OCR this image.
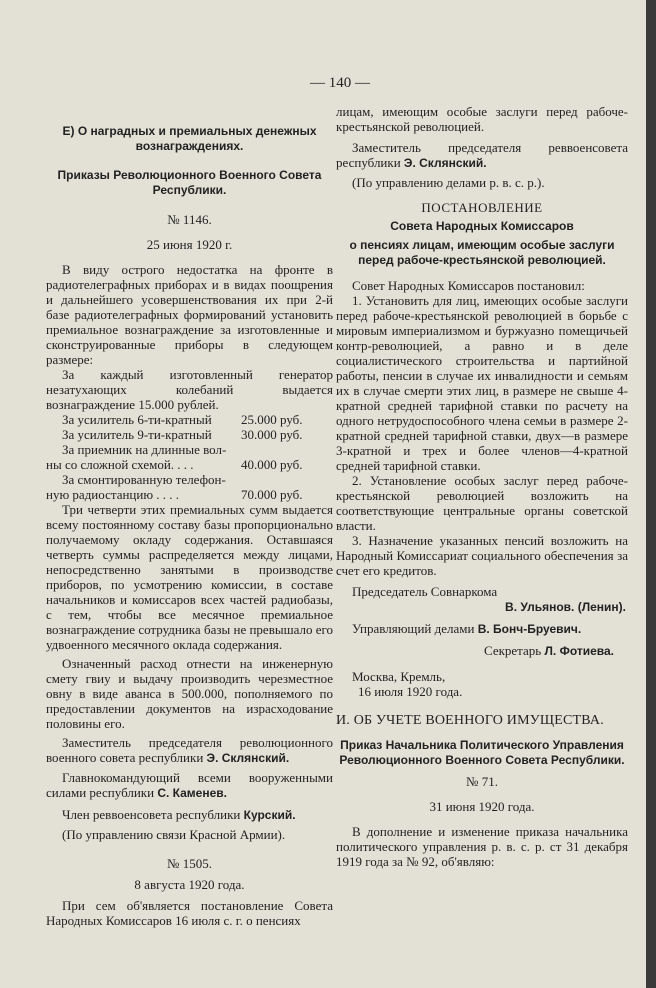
— 140 —

Е) О наградных и премиальных денежных вознаграждениях.

Приказы Революционного Военного Совета Республики.

№ 1146.

25 июня 1920 г.

В виду острого недостатка на фронте в радиотелеграфных приборах и в видах поощрения и дальнейшего усовершенствования их при 2-й базе радиотелеграфных формирований установить премиальное вознаграждение за изготовленные и сконструированные приборы в следующем размере:

За каждый изготовленный генератор незатухающих колебаний выдается вознаграждение 15.000 рублей.

За усилитель 6-ти-кратный	25.000 руб.
За усилитель 9-ти-кратный	30.000 руб.

За приемник на длинные вол-

ны со сложной схемой. . . .	40.000 руб.

За смонтированную телефон-

ную радиостанцию . . . .	70.000 руб.

Три четверти этих премиальных сумм выдается всему постоянному составу базы пропорционально получаемому окладу содержания. Оставшаяся четверть суммы распределяется между лицами, непосредственно занятыми в производстве приборов, по усмотрению комиссии, в составе начальников и комиссаров всех частей радиобазы, с тем, чтобы все месячное премиальное вознаграждение сотрудника базы не превышало его удвоенного месячного оклада содержания.

Означенный расход отнести на инженерную смету гвиу и выдачу производить черезместное овну в виде аванса в 500.000, пополняемого по предоставлении документов на израсходование половины его.

Заместитель председателя революционного военного совета республики Э. Склянский.

Главнокомандующий всеми вооруженными силами республики С. Каменев.

Член реввоенсовета республики Курский.

(По управлению связи Красной Армии).

№ 1505.

8 августа 1920 года.

При сем об'является постановление Совета Народных Комиссаров 16 июля с. г. о пенсиях

лицам, имеющим особые заслуги перед рабоче-крестьянской революцией.

Заместитель председателя реввоенсовета республики Э. Склянский.

(По управлению делами р. в. с. р.).

ПОСТАНОВЛЕНИЕ

Совета Народных Комиссаров

о пенсиях лицам, имеющим особые заслуги перед рабоче-крестьянской революцией.

Совет Народных Комиссаров постановил:

1. Установить для лиц, имеющих особые заслуги перед рабоче-крестьянской революцией в борьбе с мировым империализмом и буржуазно помещичьей контр-революцией, а равно и в деле социалистического строительства и партийной работы, пенсии в случае их инвалидности и семьям их в случае смерти этих лиц, в размере не свыше 4-кратной средней тарифной ставки по расчету на одного нетрудоспособного члена семьи в размере 2-кратной средней тарифной ставки, двух—в размере 3-кратной и трех и более членов—4-кратной средней тарифной ставки.

2. Установление особых заслуг перед рабоче-крестьянской революцией возложить на соответствующие центральные органы советской власти.

3. Назначение указанных пенсий возложить на Народный Комиссариат социального обеспечения за счет его кредитов.

Председатель Совнаркома

В. Ульянов. (Ленин).

Управляющий делами В. Бонч-Бруевич.

Секретарь Л. Фотиева.

Москва, Кремль,

16 июля 1920 года.

И. ОБ УЧЕТЕ ВОЕННОГО ИМУЩЕСТВА.

Приказ Начальника Политического Управления Революционного Военного Совета Республики.

№ 71.

31 июня 1920 года.

В дополнение и изменение приказа начальника политического управления р. в. с. р. ст 31 декабря 1919 года за № 92, об'являю:
